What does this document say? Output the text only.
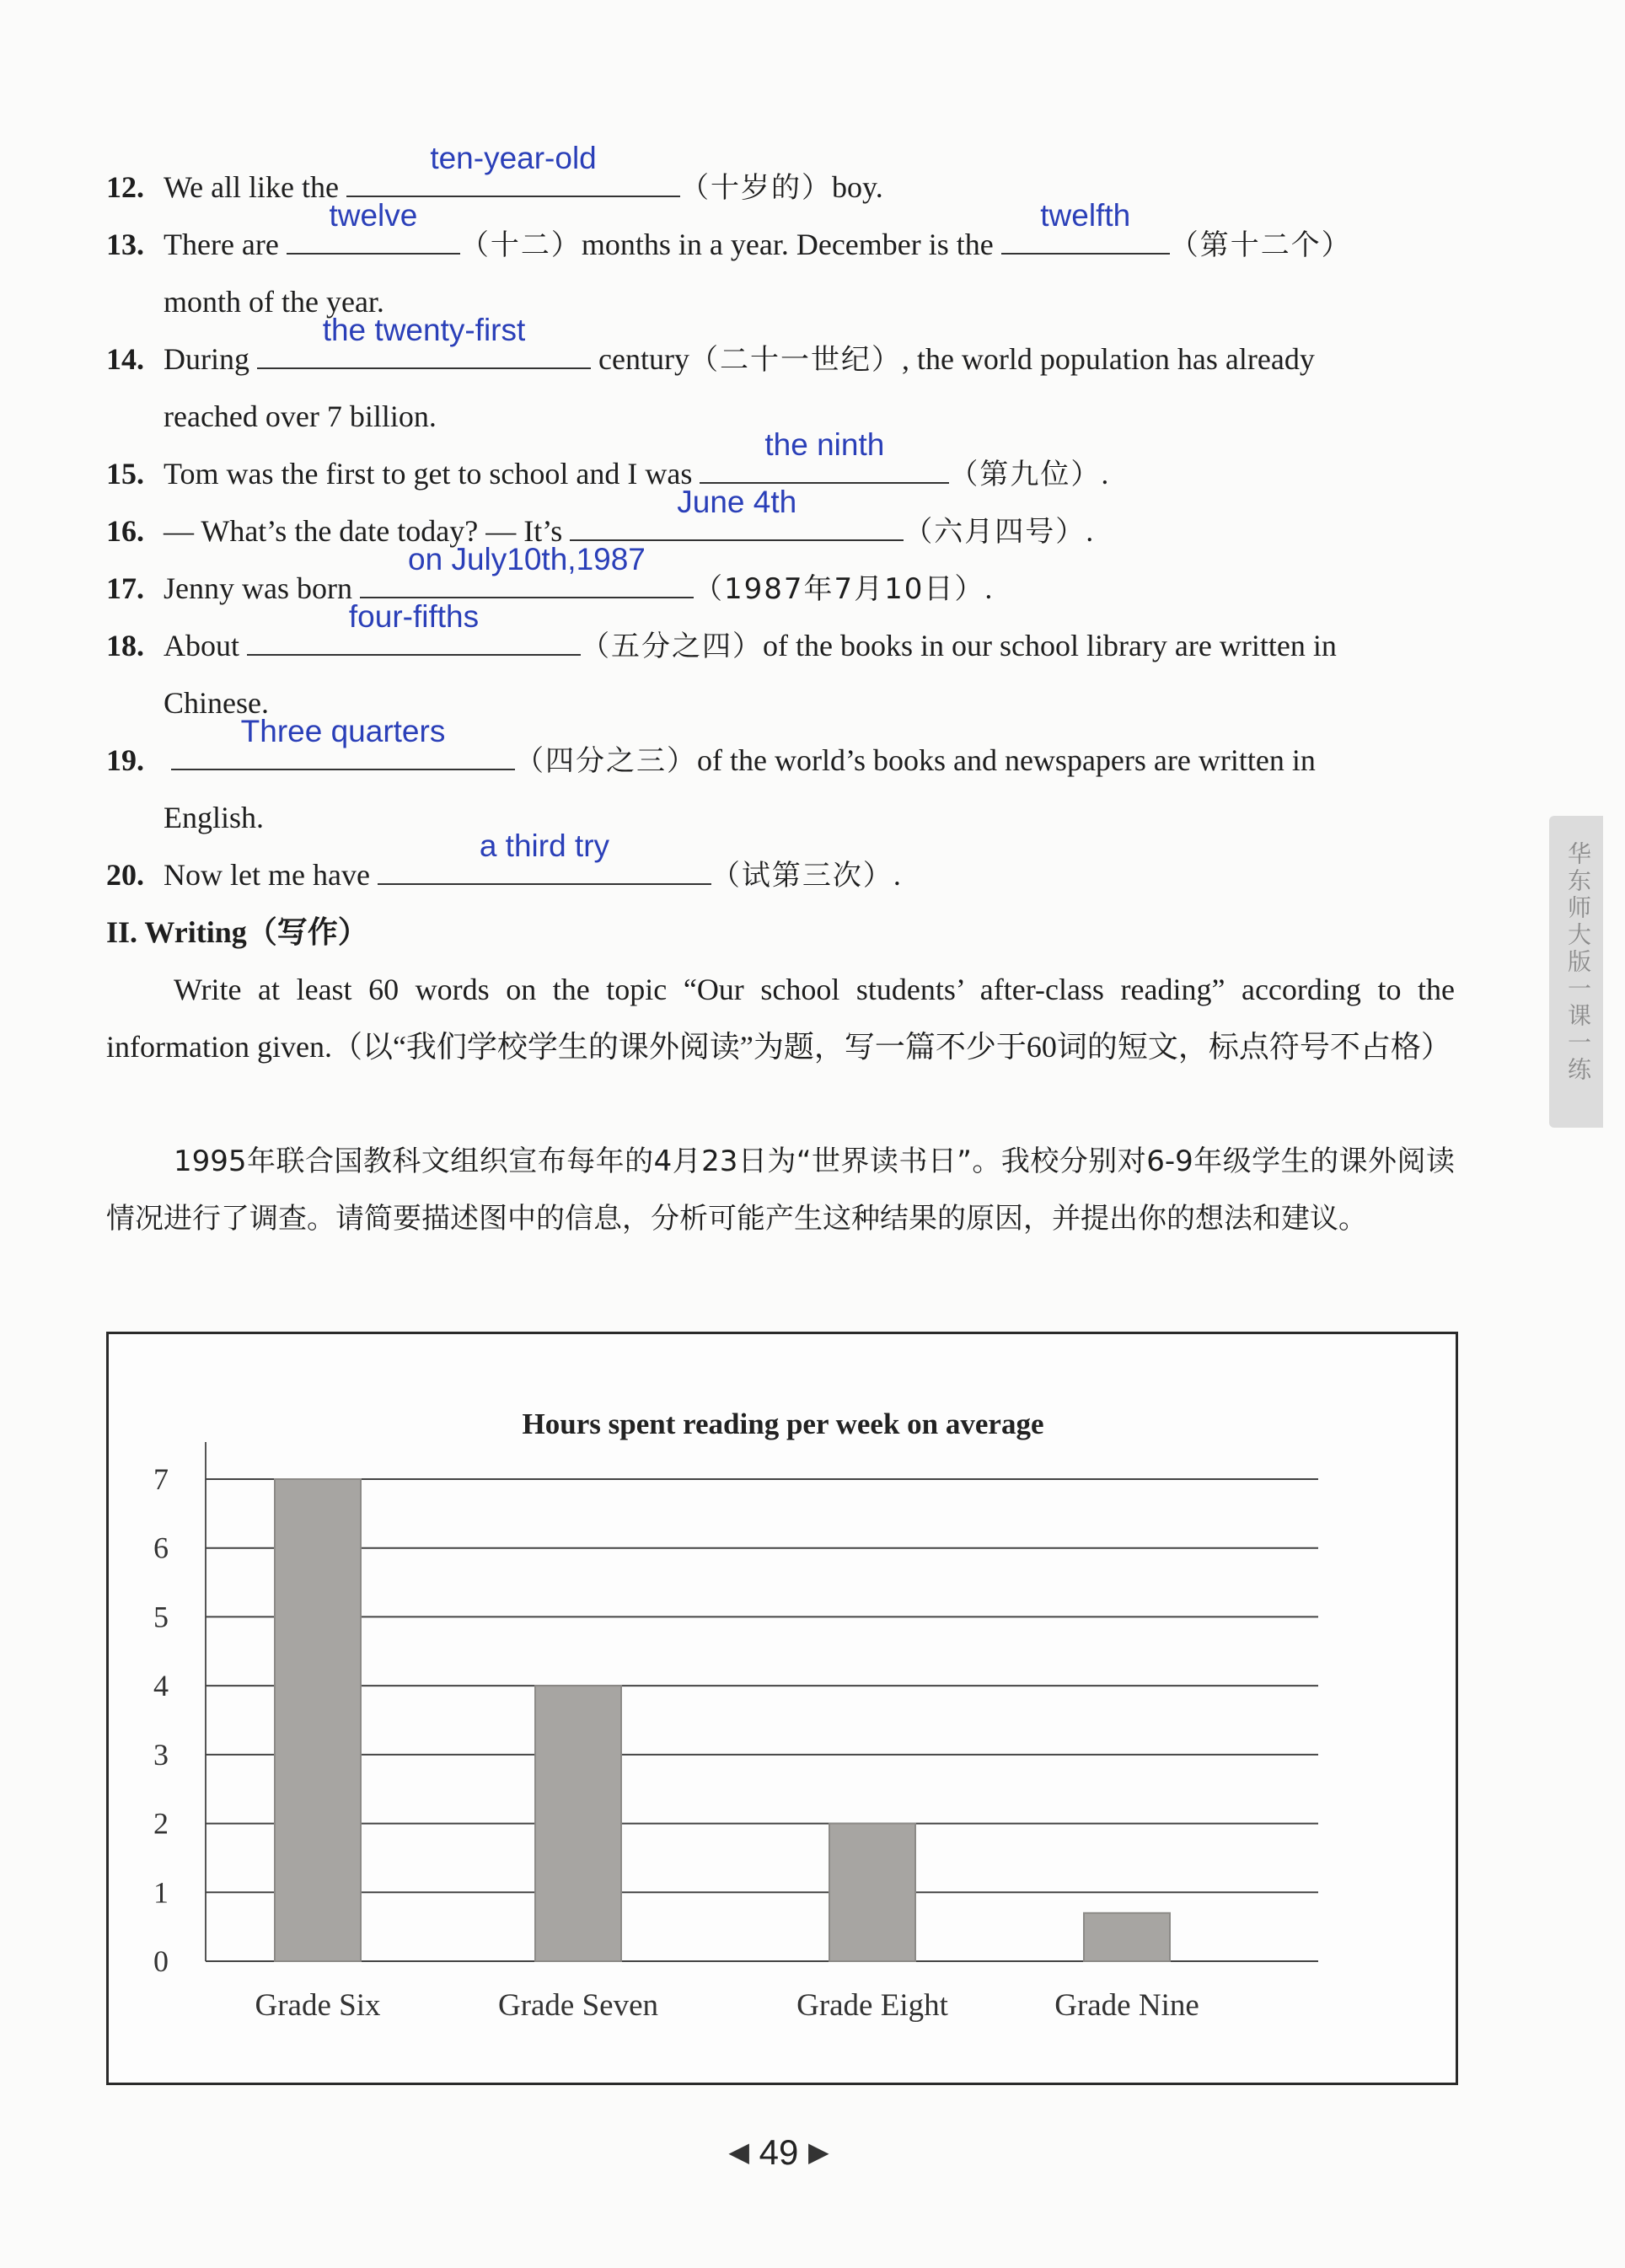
12. We all like the
ten-year-old
（十岁的）boy.
13. There are
twelve
（十二）months in a year. December is the
twelfth
（第十二个）
month of the year.
14. During
the twenty-first
century（二十一世纪）, the world population has already
reached over 7 billion.
15. Tom was the first to get to school and I was
the ninth
（第九位）.
16. — What’s the date today? — It’s
June 4th
（六月四号）.
17. Jenny was born
on July10th,1987
（1987年7月10日）.
18. About
four-fifths
（五分之四）of the books in our school library are written in
Chinese.
19.
Three quarters
（四分之三）of the world’s books and newspapers are written in
English.
20. Now let me have
a third try
（试第三次）.
II. Writing（写作）
Write at least 60 words on the topic “Our school students’ after-class reading” according to the information given.（以“我们学校学生的课外阅读”为题，写一篇不少于60词的短文，标点符号不占格）
1995年联合国教科文组织宣布每年的4月23日为“世界读书日”。我校分别对6-9年级学生的课外阅读情况进行了调查。请简要描述图中的信息，分析可能产生这种结果的原因，并提出你的想法和建议。
华东师大版一课一练
Hours spent reading per week on average
0
1
2
3
4
5
6
7
Grade Six	Grade Seven	Grade Eight	Grade Nine
◀ 49 ▶
